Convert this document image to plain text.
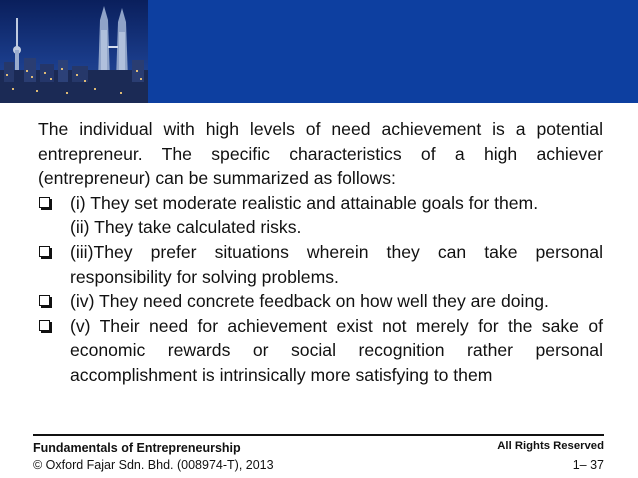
The individual with high levels of need achievement is a potential entrepreneur. The specific characteristics of a high achiever (entrepreneur) can be summarized as follows:

(i) They set moderate realistic and attainable goals for them.
(ii) They take calculated risks.
(iii)They prefer situations wherein they can take personal responsibility for solving problems.
(iv) They need concrete feedback on how well they are doing.
(v) Their need for achievement exist not merely for the sake of economic rewards or social recognition rather personal accomplishment is intrinsically more satisfying to them
Fundamentals of Entrepreneurship
© Oxford Fajar Sdn. Bhd. (008974-T), 2013
All Rights Reserved
1– 37
